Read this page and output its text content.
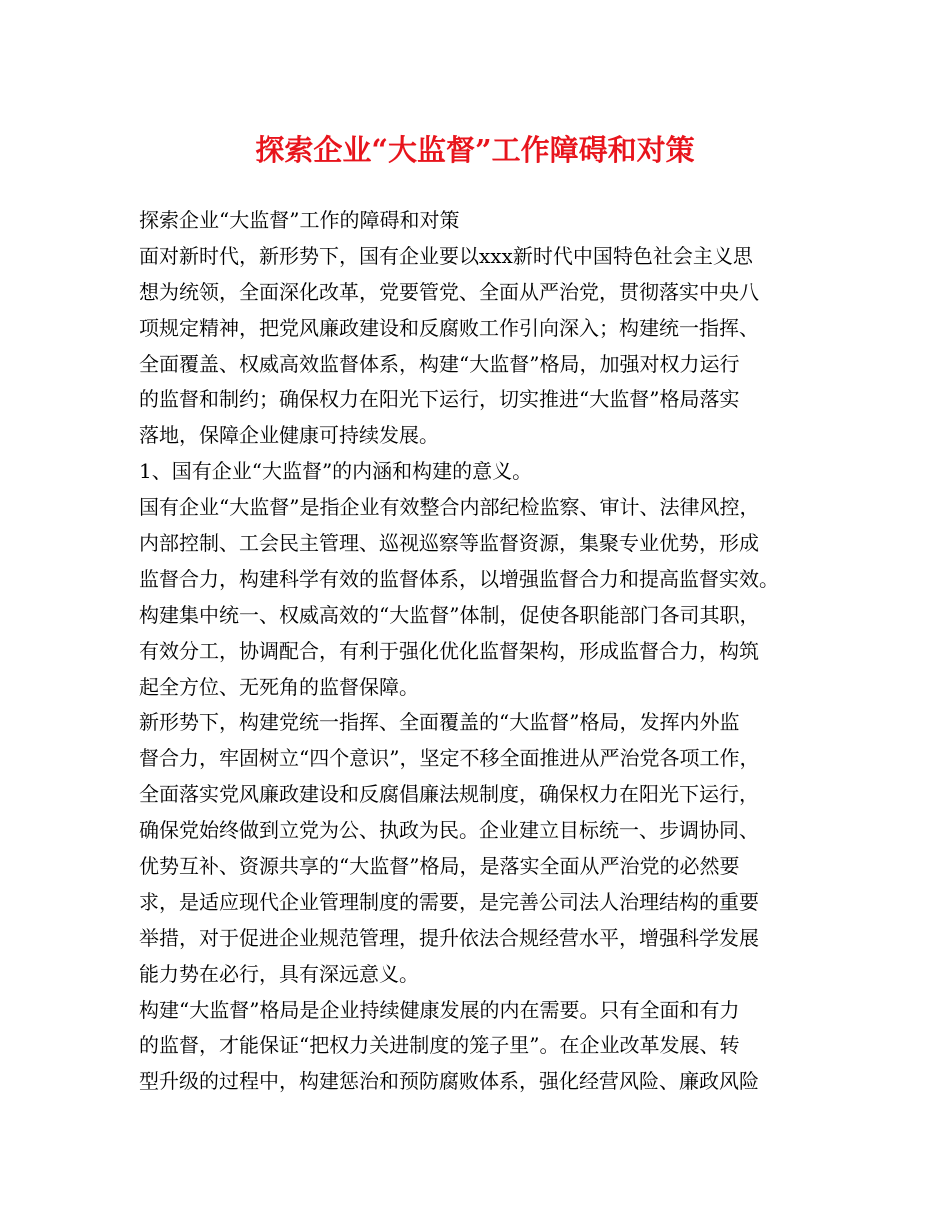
探索企业“大监督”工作障碍和对策

探索企业“大监督”工作的障碍和对策

面对新时代，新形势下，国有企业要以xxx新时代中国特色社会主义思

想为统领，全面深化改革，党要管党、全面从严治党，贯彻落实中央八

项规定精神，把党风廉政建设和反腐败工作引向深入；构建统一指挥、

全面覆盖、权威高效监督体系，构建“大监督”格局，加强对权力运行

的监督和制约；确保权力在阳光下运行，切实推进“大监督”格局落实

落地，保障企业健康可持续发展。

1、国有企业“大监督”的内涵和构建的意义。

国有企业“大监督”是指企业有效整合内部纪检监察、审计、法律风控，

内部控制、工会民主管理、巡视巡察等监督资源，集聚专业优势，形成

监督合力，构建科学有效的监督体系，以增强监督合力和提高监督实效。

构建集中统一、权威高效的“大监督”体制，促使各职能部门各司其职，

有效分工，协调配合，有利于强化优化监督架构，形成监督合力，构筑

起全方位、无死角的监督保障。

新形势下，构建党统一指挥、全面覆盖的“大监督”格局，发挥内外监

督合力，牢固树立“四个意识”，坚定不移全面推进从严治党各项工作，

全面落实党风廉政建设和反腐倡廉法规制度，确保权力在阳光下运行，

确保党始终做到立党为公、执政为民。企业建立目标统一、步调协同、

优势互补、资源共享的“大监督”格局，是落实全面从严治党的必然要

求，是适应现代企业管理制度的需要，是完善公司法人治理结构的重要

举措，对于促进企业规范管理，提升依法合规经营水平，增强科学发展

能力势在必行，具有深远意义。

构建“大监督”格局是企业持续健康发展的内在需要。只有全面和有力

的监督，才能保证“把权力关进制度的笼子里”。在企业改革发展、转

型升级的过程中，构建惩治和预防腐败体系，强化经营风险、廉政风险
